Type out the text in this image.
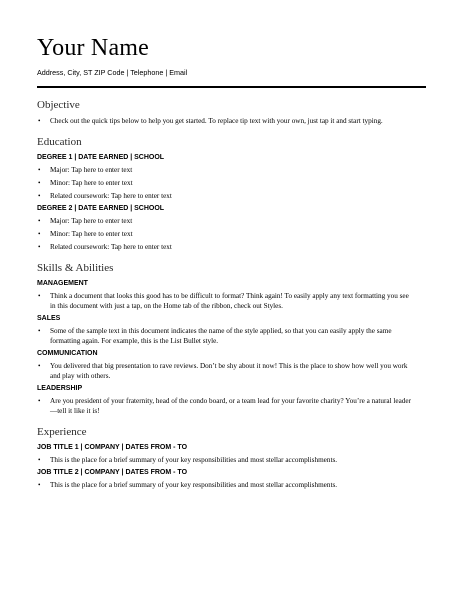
Your Name
Address, City, ST ZIP Code | Telephone | Email
Objective
• Check out the quick tips below to help you get started. To replace tip text with your own, just tap it and start typing.
Education
DEGREE 1 | DATE EARNED | SCHOOL
• Major: Tap here to enter text
• Minor: Tap here to enter text
• Related coursework: Tap here to enter text
DEGREE 2 | DATE EARNED | SCHOOL
• Major: Tap here to enter text
• Minor: Tap here to enter text
• Related coursework: Tap here to enter text
Skills & Abilities
MANAGEMENT
• Think a document that looks this good has to be difficult to format? Think again! To easily apply any text formatting you see in this document with just a tap, on the Home tab of the ribbon, check out Styles.
SALES
• Some of the sample text in this document indicates the name of the style applied, so that you can easily apply the same formatting again. For example, this is the List Bullet style.
COMMUNICATION
• You delivered that big presentation to rave reviews. Don’t be shy about it now! This is the place to show how well you work and play with others.
LEADERSHIP
• Are you president of your fraternity, head of the condo board, or a team lead for your favorite charity? You’re a natural leader—tell it like it is!
Experience
JOB TITLE 1 | COMPANY | DATES FROM - TO
• This is the place for a brief summary of your key responsibilities and most stellar accomplishments.
JOB TITLE 2 | COMPANY | DATES FROM - TO
• This is the place for a brief summary of your key responsibilities and most stellar accomplishments.
